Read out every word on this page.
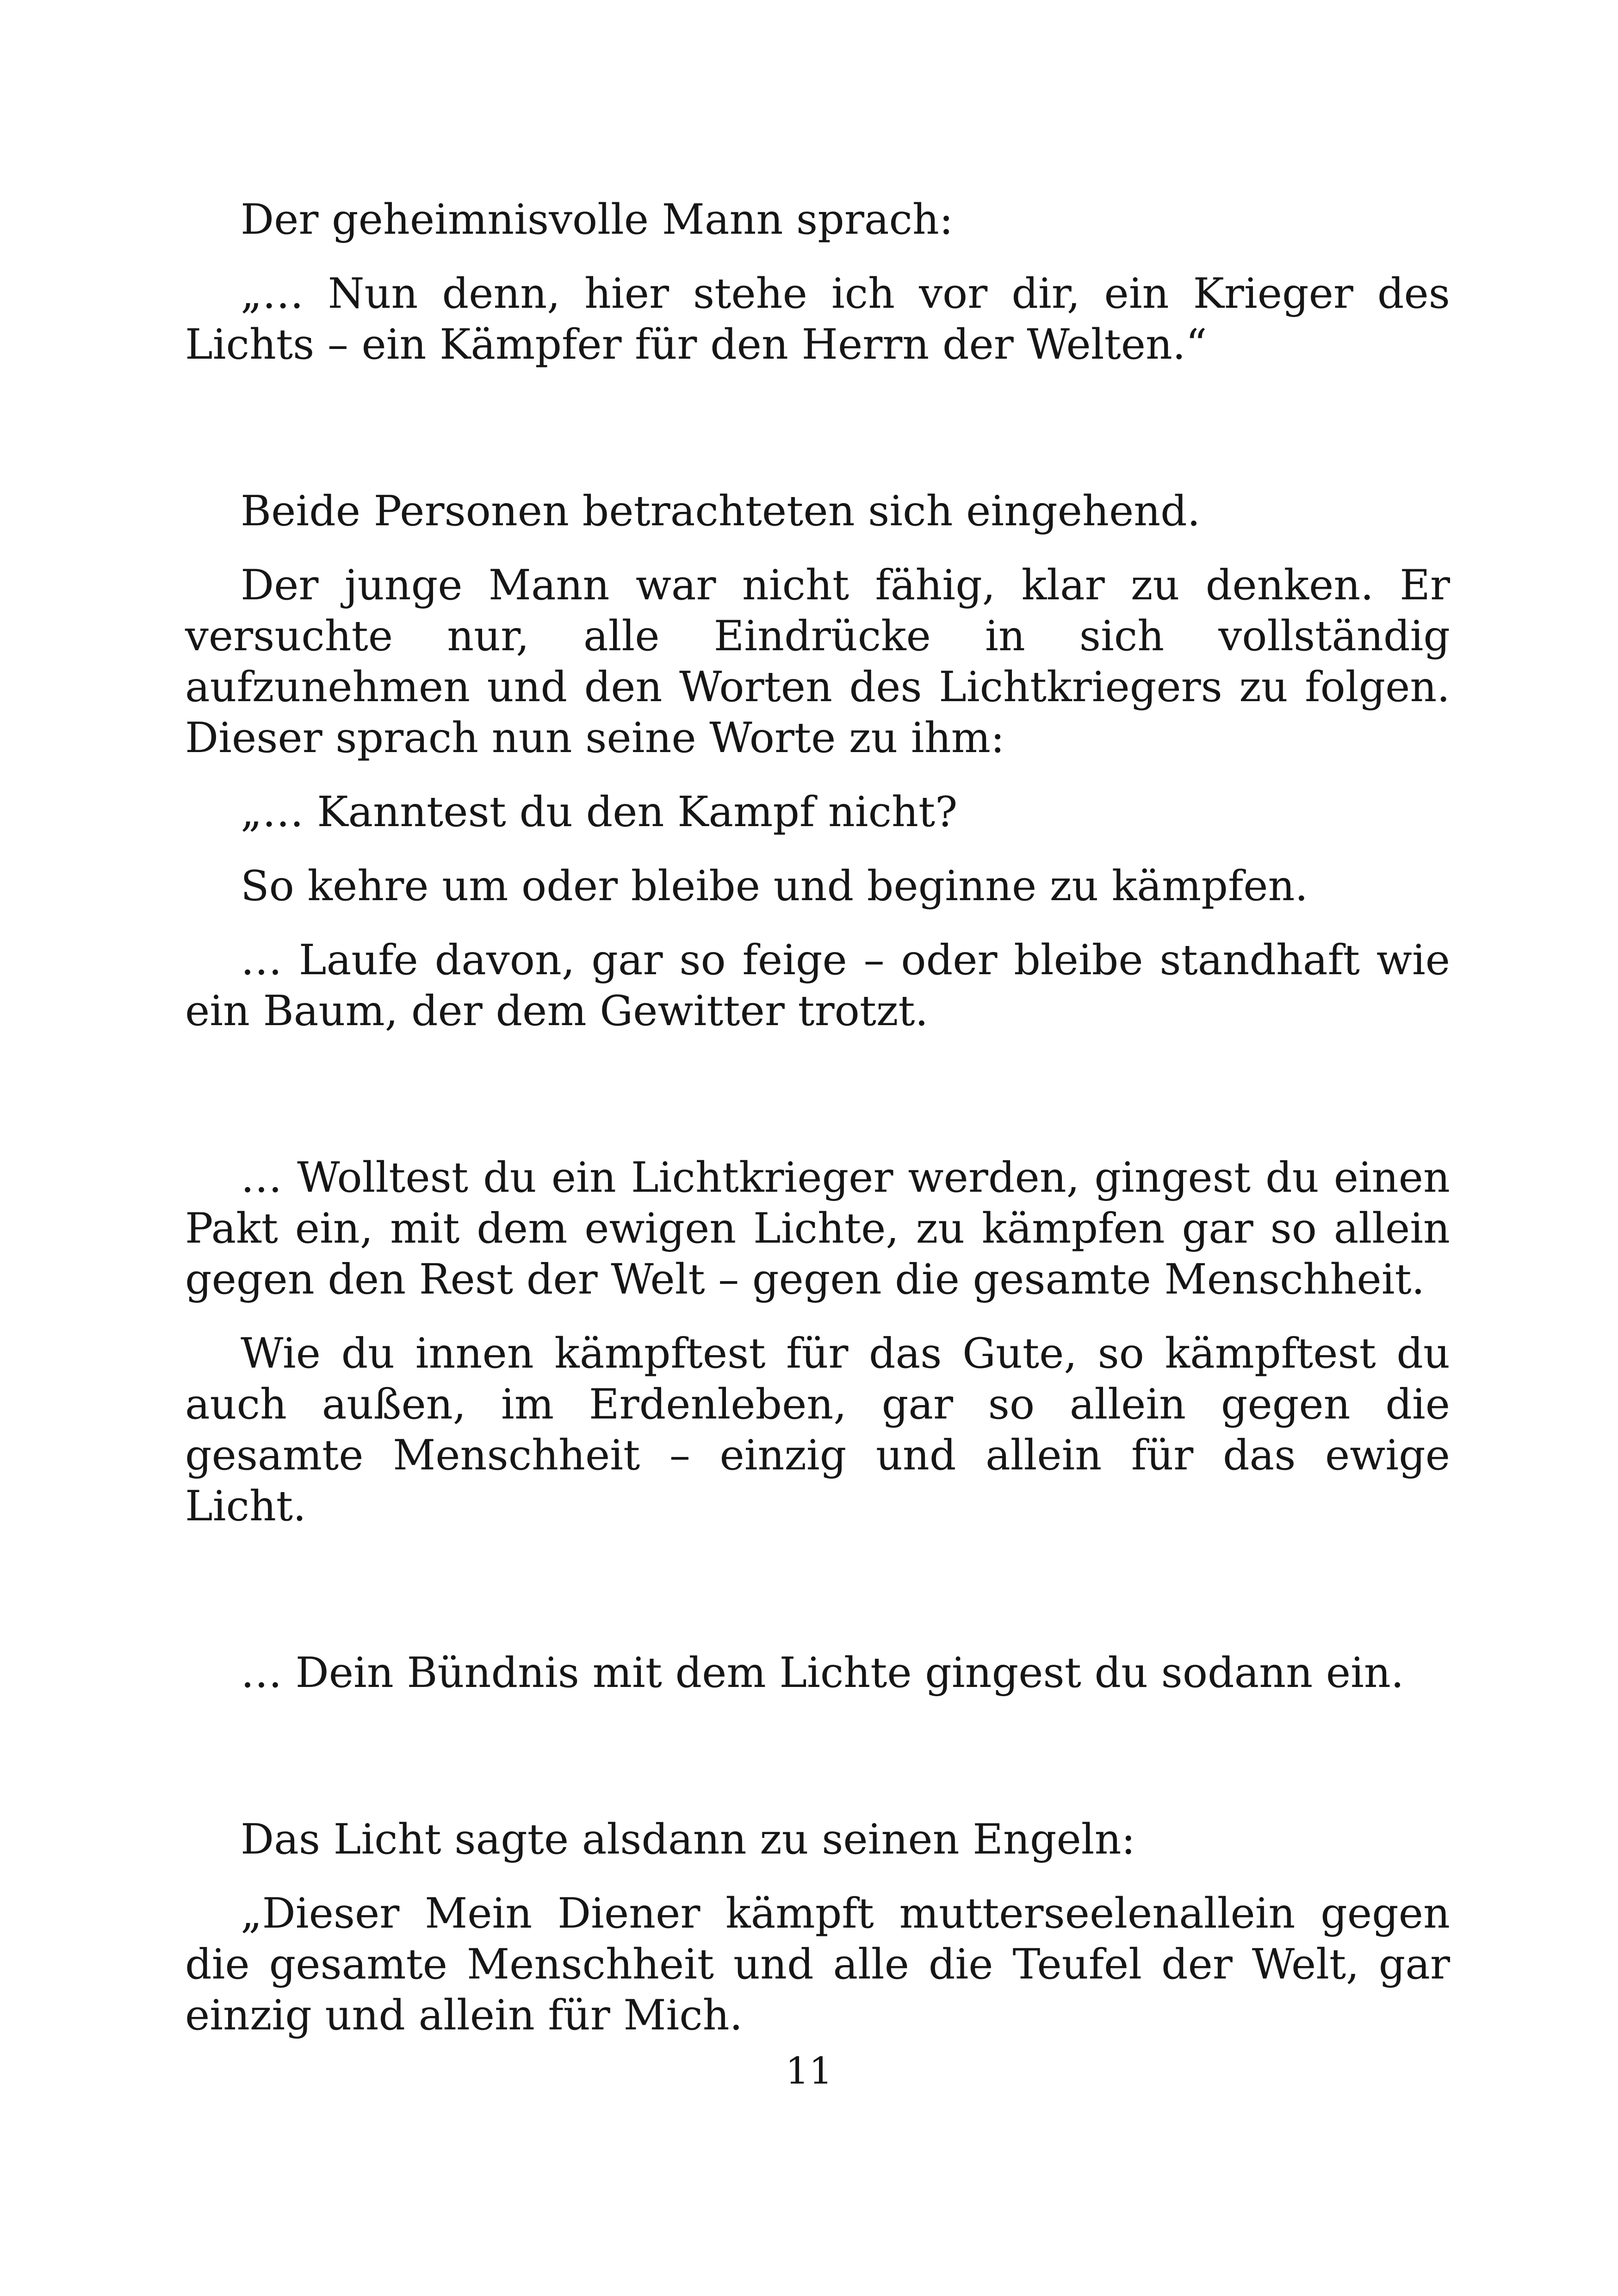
Der geheimnisvolle Mann sprach:

„… Nun denn, hier stehe ich vor dir, ein Krieger des Lichts – ein Kämpfer für den Herrn der Welten.“

Beide Personen betrachteten sich eingehend.

Der junge Mann war nicht fähig, klar zu denken. Er versuchte nur, alle Eindrücke in sich vollständig aufzunehmen und den Worten des Lichtkriegers zu folgen. Dieser sprach nun seine Worte zu ihm:

„… Kanntest du den Kampf nicht?

So kehre um oder bleibe und beginne zu kämpfen.

… Laufe davon, gar so feige – oder bleibe standhaft wie ein Baum, der dem Gewitter trotzt.

… Wolltest du ein Lichtkrieger werden, gingest du einen Pakt ein, mit dem ewigen Lichte, zu kämpfen gar so allein gegen den Rest der Welt – gegen die gesamte Menschheit.

Wie du innen kämpftest für das Gute, so kämpftest du auch außen, im Erdenleben, gar so allein gegen die gesamte Menschheit – einzig und allein für das ewige Licht.

… Dein Bündnis mit dem Lichte gingest du sodann ein.

Das Licht sagte alsdann zu seinen Engeln:

„Dieser Mein Diener kämpft mutterseelenallein gegen die gesamte Menschheit und alle die Teufel der Welt, gar einzig und allein für Mich.

11
